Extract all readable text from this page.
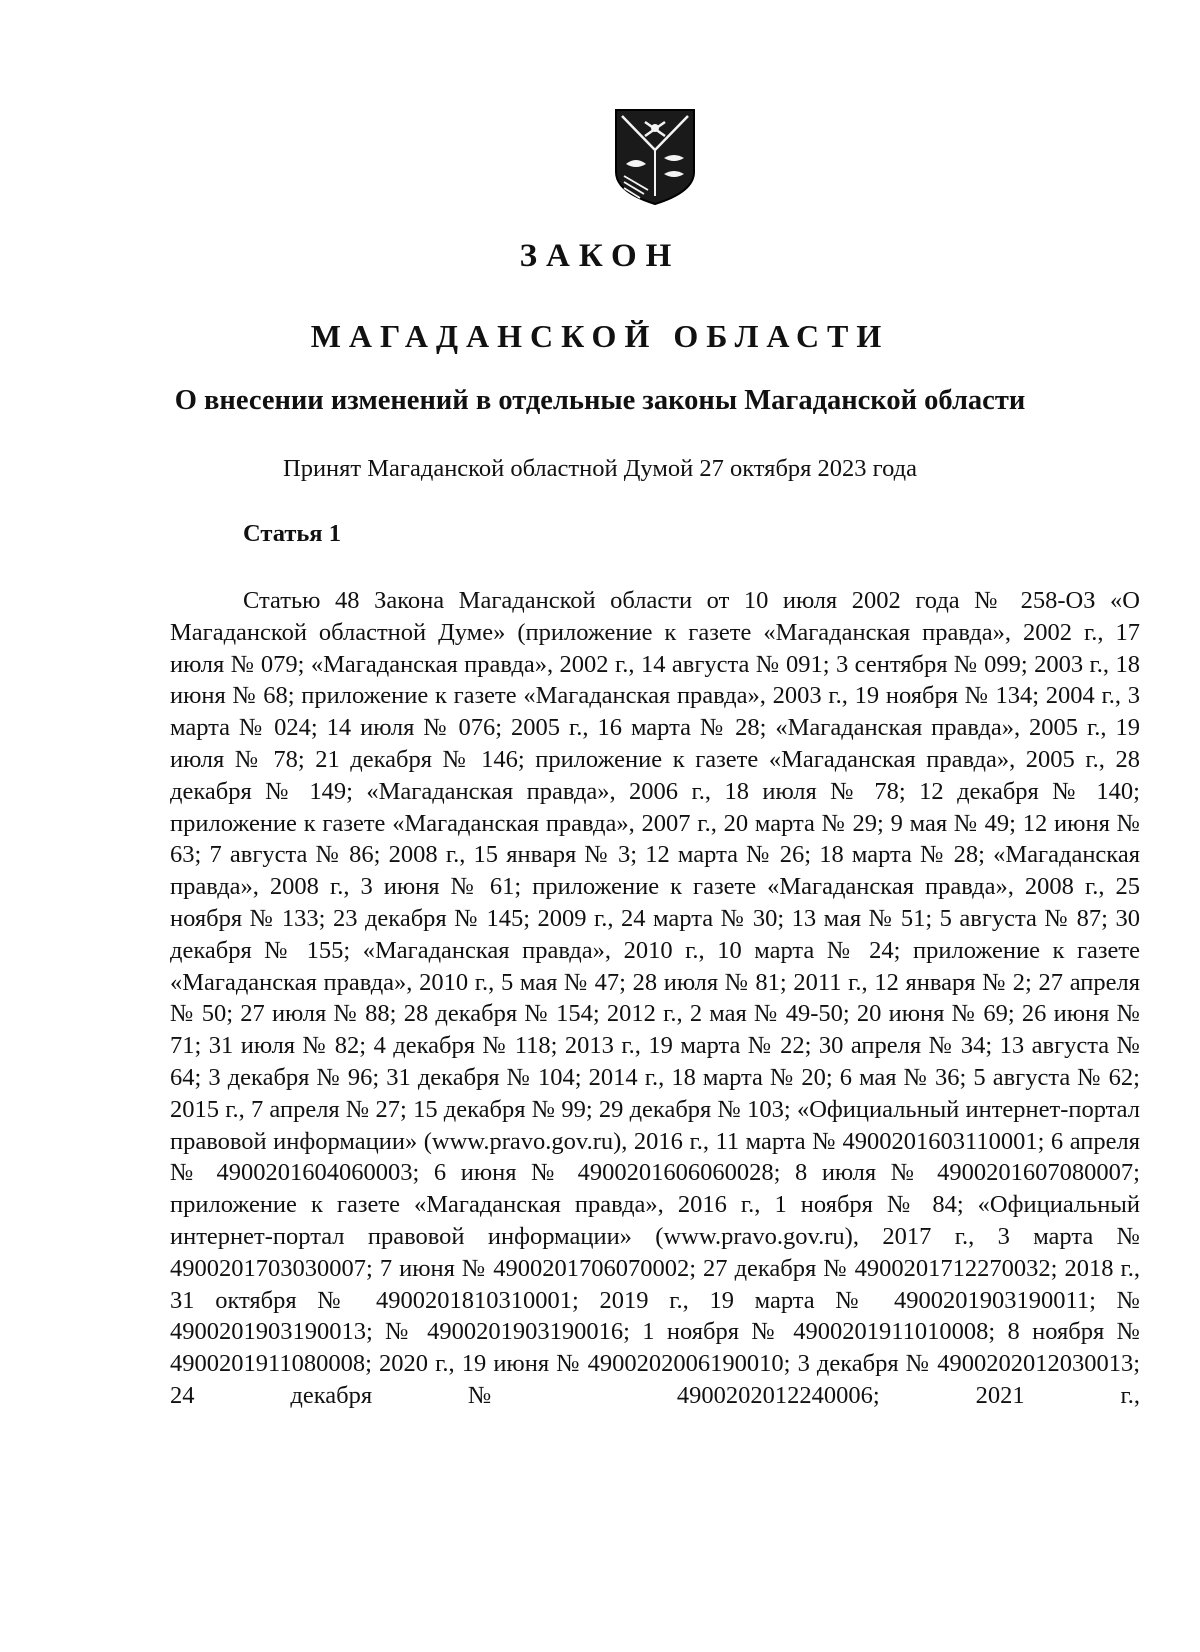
ЗАКОН
МАГАДАНСКОЙ ОБЛАСТИ
О внесении изменений в отдельные законы Магаданской области
Принят Магаданской областной Думой 27 октября 2023 года
Статья 1

Статью 48 Закона Магаданской области от 10 июля 2002 года № 258-ОЗ «О Магаданской областной Думе» (приложение к газете «Магаданская правда», 2002 г., 17 июля № 079; «Магаданская правда», 2002 г., 14 августа № 091; 3 сентября № 099; 2003 г., 18 июня № 68; приложение к газете «Магаданская правда», 2003 г., 19 ноября № 134; 2004 г., 3 марта № 024; 14 июля № 076; 2005 г., 16 марта № 28; «Магаданская правда», 2005 г., 19 июля № 78; 21 декабря № 146; приложение к газете «Магаданская правда», 2005 г., 28 декабря № 149; «Магаданская правда», 2006 г., 18 июля № 78; 12 декабря № 140; приложение к газете «Магаданская правда», 2007 г., 20 марта № 29; 9 мая № 49; 12 июня № 63; 7 августа № 86; 2008 г., 15 января № 3; 12 марта № 26; 18 марта № 28; «Магаданская правда», 2008 г., 3 июня № 61; приложение к газете «Магаданская правда», 2008 г., 25 ноября № 133; 23 декабря № 145; 2009 г., 24 марта № 30; 13 мая № 51; 5 августа № 87; 30 декабря № 155; «Магаданская правда», 2010 г., 10 марта № 24; приложение к газете «Магаданская правда», 2010 г., 5 мая № 47; 28 июля № 81; 2011 г., 12 января № 2; 27 апреля № 50; 27 июля № 88; 28 декабря № 154; 2012 г., 2 мая № 49-50; 20 июня № 69; 26 июня № 71; 31 июля № 82; 4 декабря № 118; 2013 г., 19 марта № 22; 30 апреля № 34; 13 августа № 64; 3 декабря № 96; 31 декабря № 104; 2014 г., 18 марта № 20; 6 мая № 36; 5 августа № 62; 2015 г., 7 апреля № 27; 15 декабря № 99; 29 декабря № 103; «Официальный интернет-портал правовой информации» (www.pravo.gov.ru), 2016 г., 11 марта № 4900201603110001; 6 апреля № 4900201604060003; 6 июня № 4900201606060028; 8 июля № 4900201607080007; приложение к газете «Магаданская правда», 2016 г., 1 ноября № 84; «Официальный интернет-портал правовой информации» (www.pravo.gov.ru), 2017 г., 3 марта № 4900201703030007; 7 июня № 4900201706070002; 27 декабря № 4900201712270032; 2018 г., 31 октября № 4900201810310001; 2019 г., 19 марта № 4900201903190011; № 4900201903190013; № 4900201903190016; 1 ноября № 4900201911010008; 8 ноября № 4900201911080008; 2020 г., 19 июня № 4900202006190010; 3 декабря № 4900202012030013; 24 декабря № 4900202012240006; 2021 г.,
